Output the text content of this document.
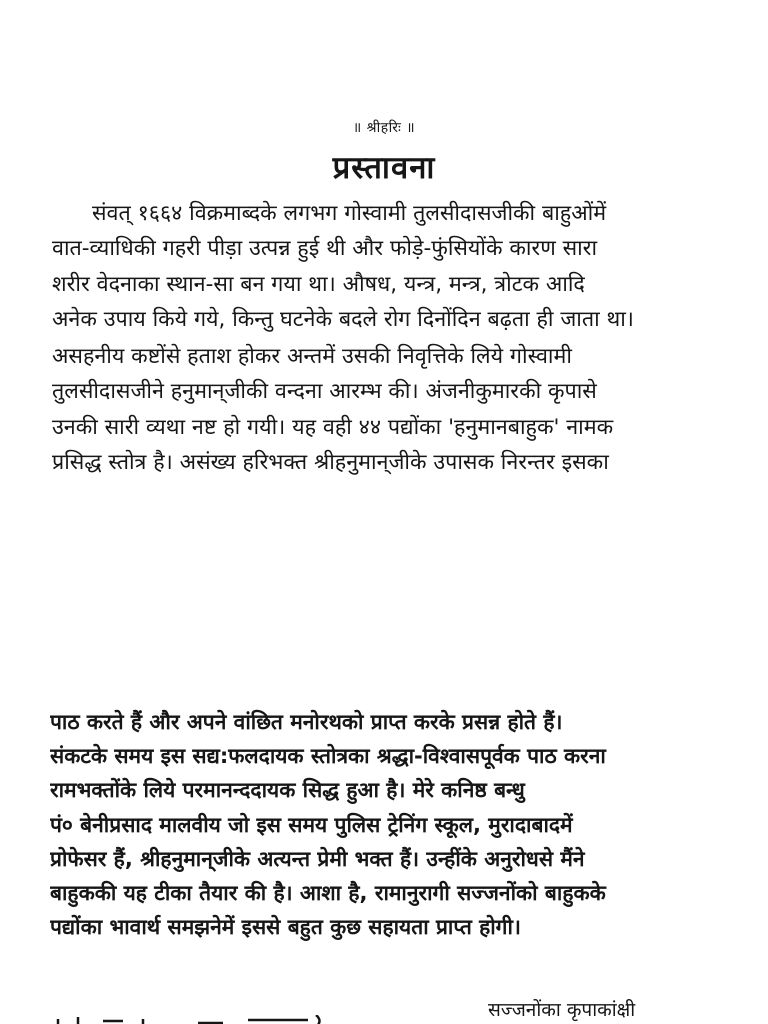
॥ श्रीहरिः ॥
प्रस्तावना
संवत् १६६४ विक्रमाब्दके लगभग गोस्वामी तुलसीदासजीकी बाहुओंमें
वात-व्याधिकी गहरी पीड़ा उत्पन्न हुई थी और फोड़े-फुंसियोंके कारण सारा
शरीर वेदनाका स्थान-सा बन गया था। औषध, यन्त्र, मन्त्र, त्रोटक आदि
अनेक उपाय किये गये, किन्तु घटनेके बदले रोग दिनोंदिन बढ़ता ही जाता था।
असहनीय कष्टोंसे हताश होकर अन्तमें उसकी निवृत्तिके लिये गोस्वामी
तुलसीदासजीने हनुमान्‌जीकी वन्दना आरम्भ की। अंजनीकुमारकी कृपासे
उनकी सारी व्यथा नष्ट हो गयी। यह वही ४४ पद्योंका 'हनुमानबाहुक' नामक
प्रसिद्ध स्तोत्र है। असंख्य हरिभक्त श्रीहनुमान्‌जीके उपासक निरन्तर इसका
पाठ करते हैं और अपने वांछित मनोरथको प्राप्त करके प्रसन्न होते हैं।
संकटके समय इस सद्य:फलदायक स्तोत्रका श्रद्धा-विश्वासपूर्वक पाठ करना
रामभक्तोंके लिये परमानन्ददायक सिद्ध हुआ है। मेरे कनिष्ठ बन्धु
पं० बेनीप्रसाद मालवीय जो इस समय पुलिस ट्रेनिंग स्कूल, मुरादाबादमें
प्रोफेसर हैं, श्रीहनुमान्‌जीके अत्यन्त प्रेमी भक्त हैं। उन्हींके अनुरोधसे मैंने
बाहुककी यह टीका तैयार की है। आशा है, रामानुरागी सज्जनोंको बाहुकके
पद्योंका भावार्थ समझनेमें इससे बहुत कुछ सहायता प्राप्त होगी।
सज्जनोंका कृपाकांक्षी
